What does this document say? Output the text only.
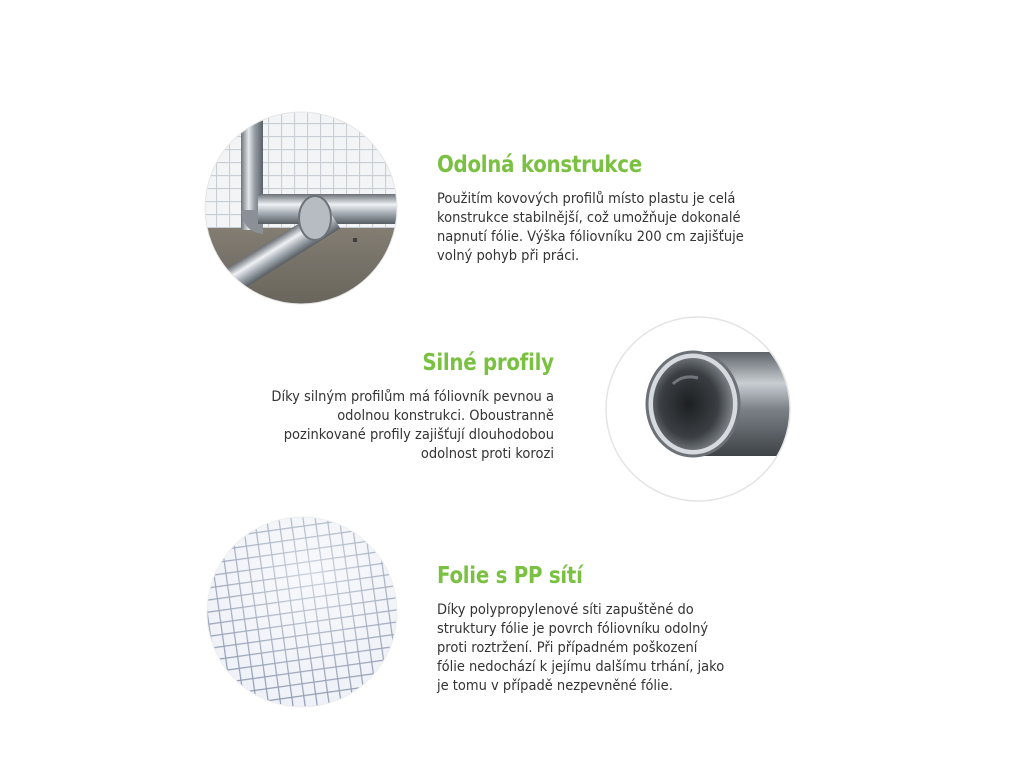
Odolná konstrukce

Použitím kovových profilů místo plastu je celá
konstrukce stabilnější, což umožňuje dokonalé
napnutí fólie. Výška fóliovníku 200 cm zajišťuje
volný pohyb při práci.

Silné profily

Díky silným profilům má fóliovník pevnou a
odolnou konstrukci. Oboustranně
pozinkované profily zajišťují dlouhodobou
odolnost proti korozi

Folie s PP sítí

Díky polypropylenové síti zapuštěné do
struktury fólie je povrch fóliovníku odolný
proti roztržení. Při případném poškození
fólie nedochází k jejímu dalšímu trhání, jako
je tomu v případě nezpevněné fólie.
